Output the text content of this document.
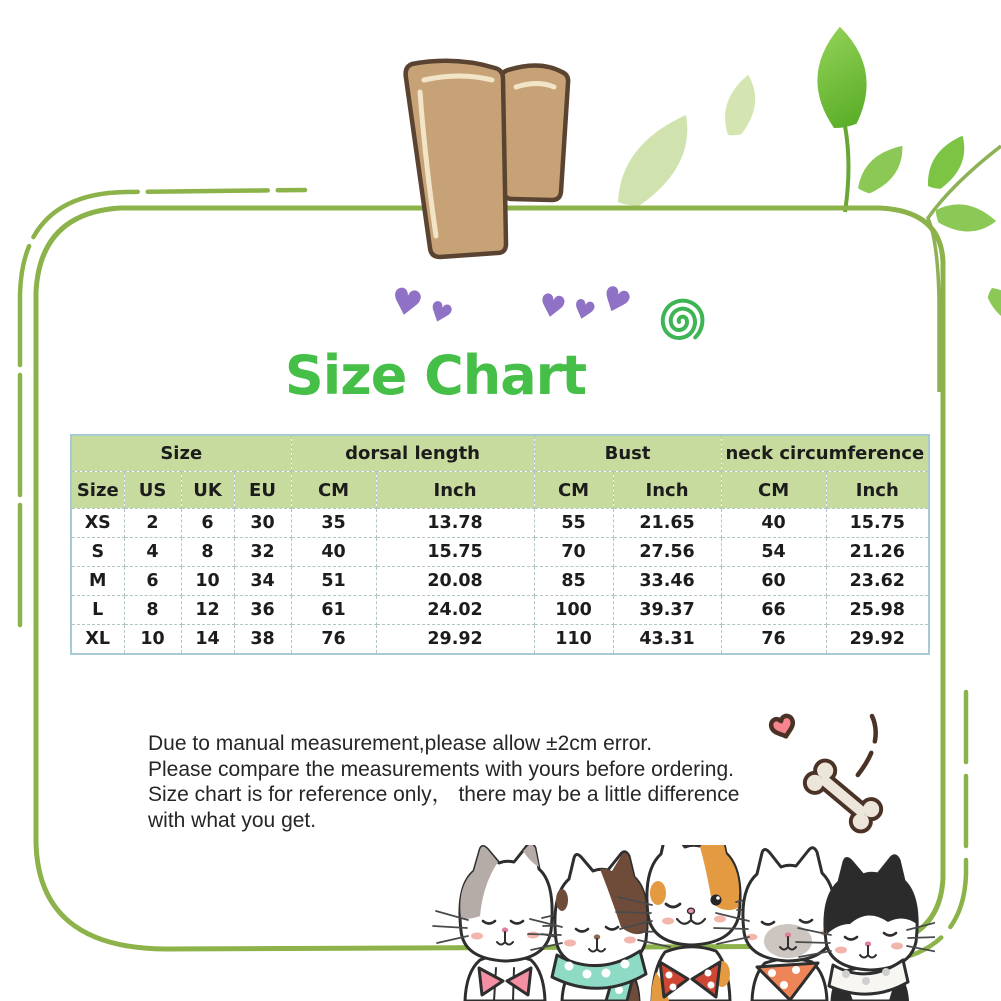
Size Chart
♥
♥	♥
♥
♥
Size				dorsal length		Bust		neck circumference	
Size	US	UK	EU	CM	Inch	CM	Inch	CM	Inch
XS	2	6	30	35	13.78	55	21.65	40	15.75
S	4	8	32	40	15.75	70	27.56	54	21.26
M	6	10	34	51	20.08	85	33.46	60	23.62
L	8	12	36	61	24.02	100	39.37	66	25.98
XL	10	14	38	76	29.92	110	43.31	76	29.92
Due to manual measurement,please allow ±2cm error.
Please compare the measurements with yours before ordering.
Size chart is for reference only， there may be a little difference
with what you get.
